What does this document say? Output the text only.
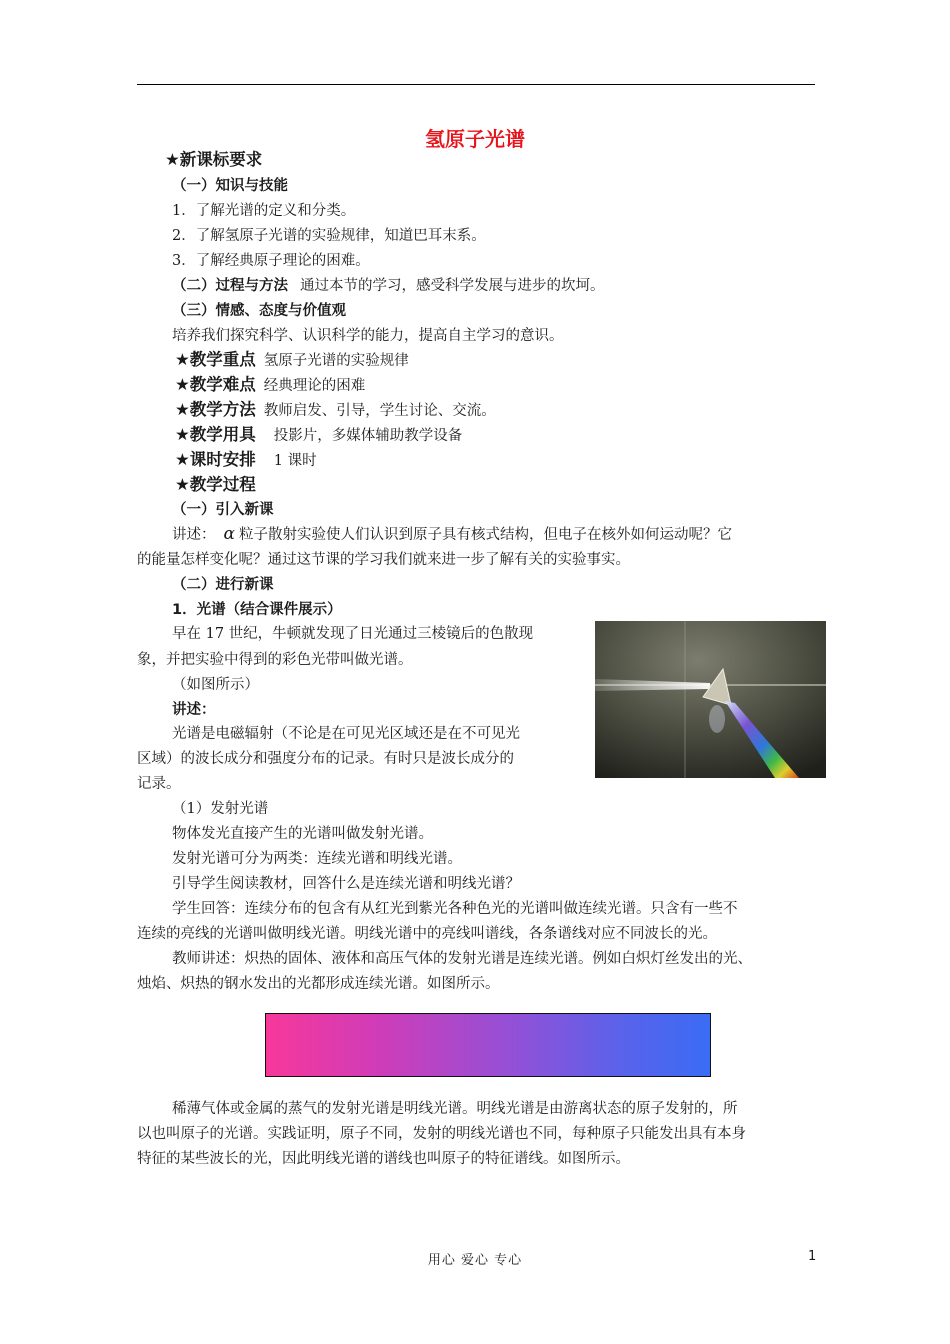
氢原子光谱
★新课标要求
（一）知识与技能
1．了解光谱的定义和分类。
2．了解氢原子光谱的实验规律，知道巴耳末系。
3．了解经典原子理论的困难。
（二）过程与方法 通过本节的学习，感受科学发展与进步的坎坷。
（三）情感、态度与价值观
培养我们探究科学、认识科学的能力，提高自主学习的意识。
★教学重点 氢原子光谱的实验规律
★教学难点 经典理论的困难
★教学方法 教师启发、引导，学生讨论、交流。
★教学用具 投影片，多媒体辅助教学设备
★课时安排 1 课时
★教学过程
（一）引入新课
讲述： α 粒子散射实验使人们认识到原子具有核式结构，但电子在核外如何运动呢？它
的能量怎样变化呢？通过这节课的学习我们就来进一步了解有关的实验事实。
（二）进行新课
1．光谱（结合课件展示）
早在 17 世纪，牛顿就发现了日光通过三棱镜后的色散现
象，并把实验中得到的彩色光带叫做光谱。
（如图所示）
讲述：
光谱是电磁辐射（不论是在可见光区域还是在不可见光
区域）的波长成分和强度分布的记录。有时只是波长成分的
记录。
（1）发射光谱
物体发光直接产生的光谱叫做发射光谱。
发射光谱可分为两类：连续光谱和明线光谱。
引导学生阅读教材，回答什么是连续光谱和明线光谱？
学生回答：连续分布的包含有从红光到紫光各种色光的光谱叫做连续光谱。只含有一些不
连续的亮线的光谱叫做明线光谱。明线光谱中的亮线叫谱线，各条谱线对应不同波长的光。
教师讲述：炽热的固体、液体和高压气体的发射光谱是连续光谱。例如白炽灯丝发出的光、
烛焰、炽热的钢水发出的光都形成连续光谱。如图所示。
稀薄气体或金属的蒸气的发射光谱是明线光谱。明线光谱是由游离状态的原子发射的，所
以也叫原子的光谱。实践证明，原子不同，发射的明线光谱也不同，每种原子只能发出具有本身
特征的某些波长的光，因此明线光谱的谱线也叫原子的特征谱线。如图所示。
用心 爱心 专心	1
